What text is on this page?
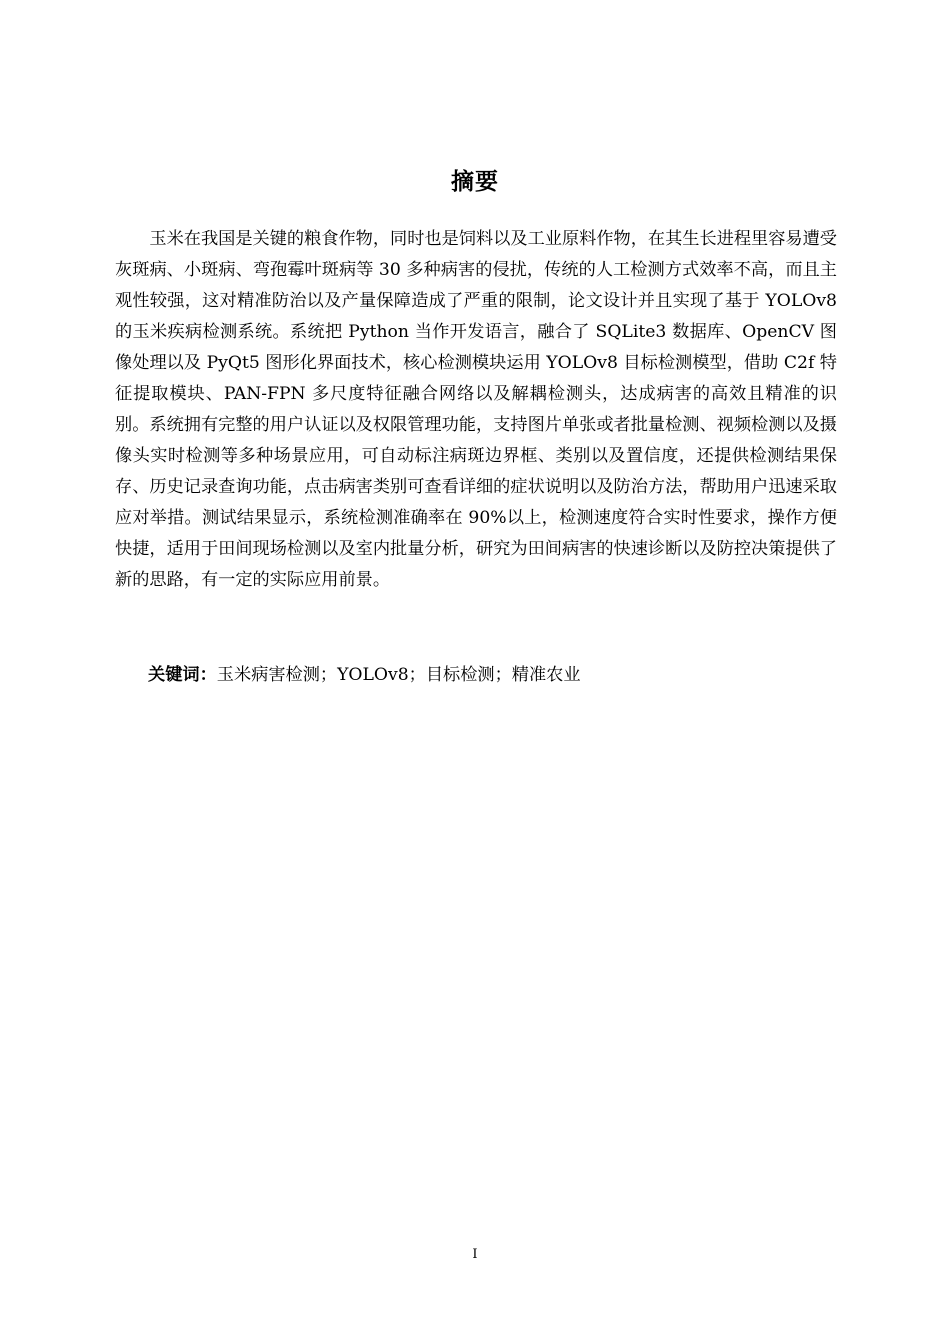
摘要

玉米在我国是关键的粮食作物，同时也是饲料以及工业原料作物，在其生长进程里容易遭受灰斑病、小斑病、弯孢霉叶斑病等 30 多种病害的侵扰，传统的人工检测方式效率不高，而且主观性较强，这对精准防治以及产量保障造成了严重的限制，论文设计并且实现了基于 YOLOv8 的玉米疾病检测系统。系统把 Python 当作开发语言，融合了 SQLite3 数据库、OpenCV 图像处理以及 PyQt5 图形化界面技术，核心检测模块运用 YOLOv8 目标检测模型，借助 C2f 特征提取模块、PAN-FPN 多尺度特征融合网络以及解耦检测头，达成病害的高效且精准的识别。系统拥有完整的用户认证以及权限管理功能，支持图片单张或者批量检测、视频检测以及摄像头实时检测等多种场景应用，可自动标注病斑边界框、类别以及置信度，还提供检测结果保存、历史记录查询功能，点击病害类别可查看详细的症状说明以及防治方法，帮助用户迅速采取应对举措。测试结果显示，系统检测准确率在 90%以上，检测速度符合实时性要求，操作方便快捷，适用于田间现场检测以及室内批量分析，研究为田间病害的快速诊断以及防控决策提供了新的思路，有一定的实际应用前景。

关键词：玉米病害检测；YOLOv8；目标检测；精准农业

I
